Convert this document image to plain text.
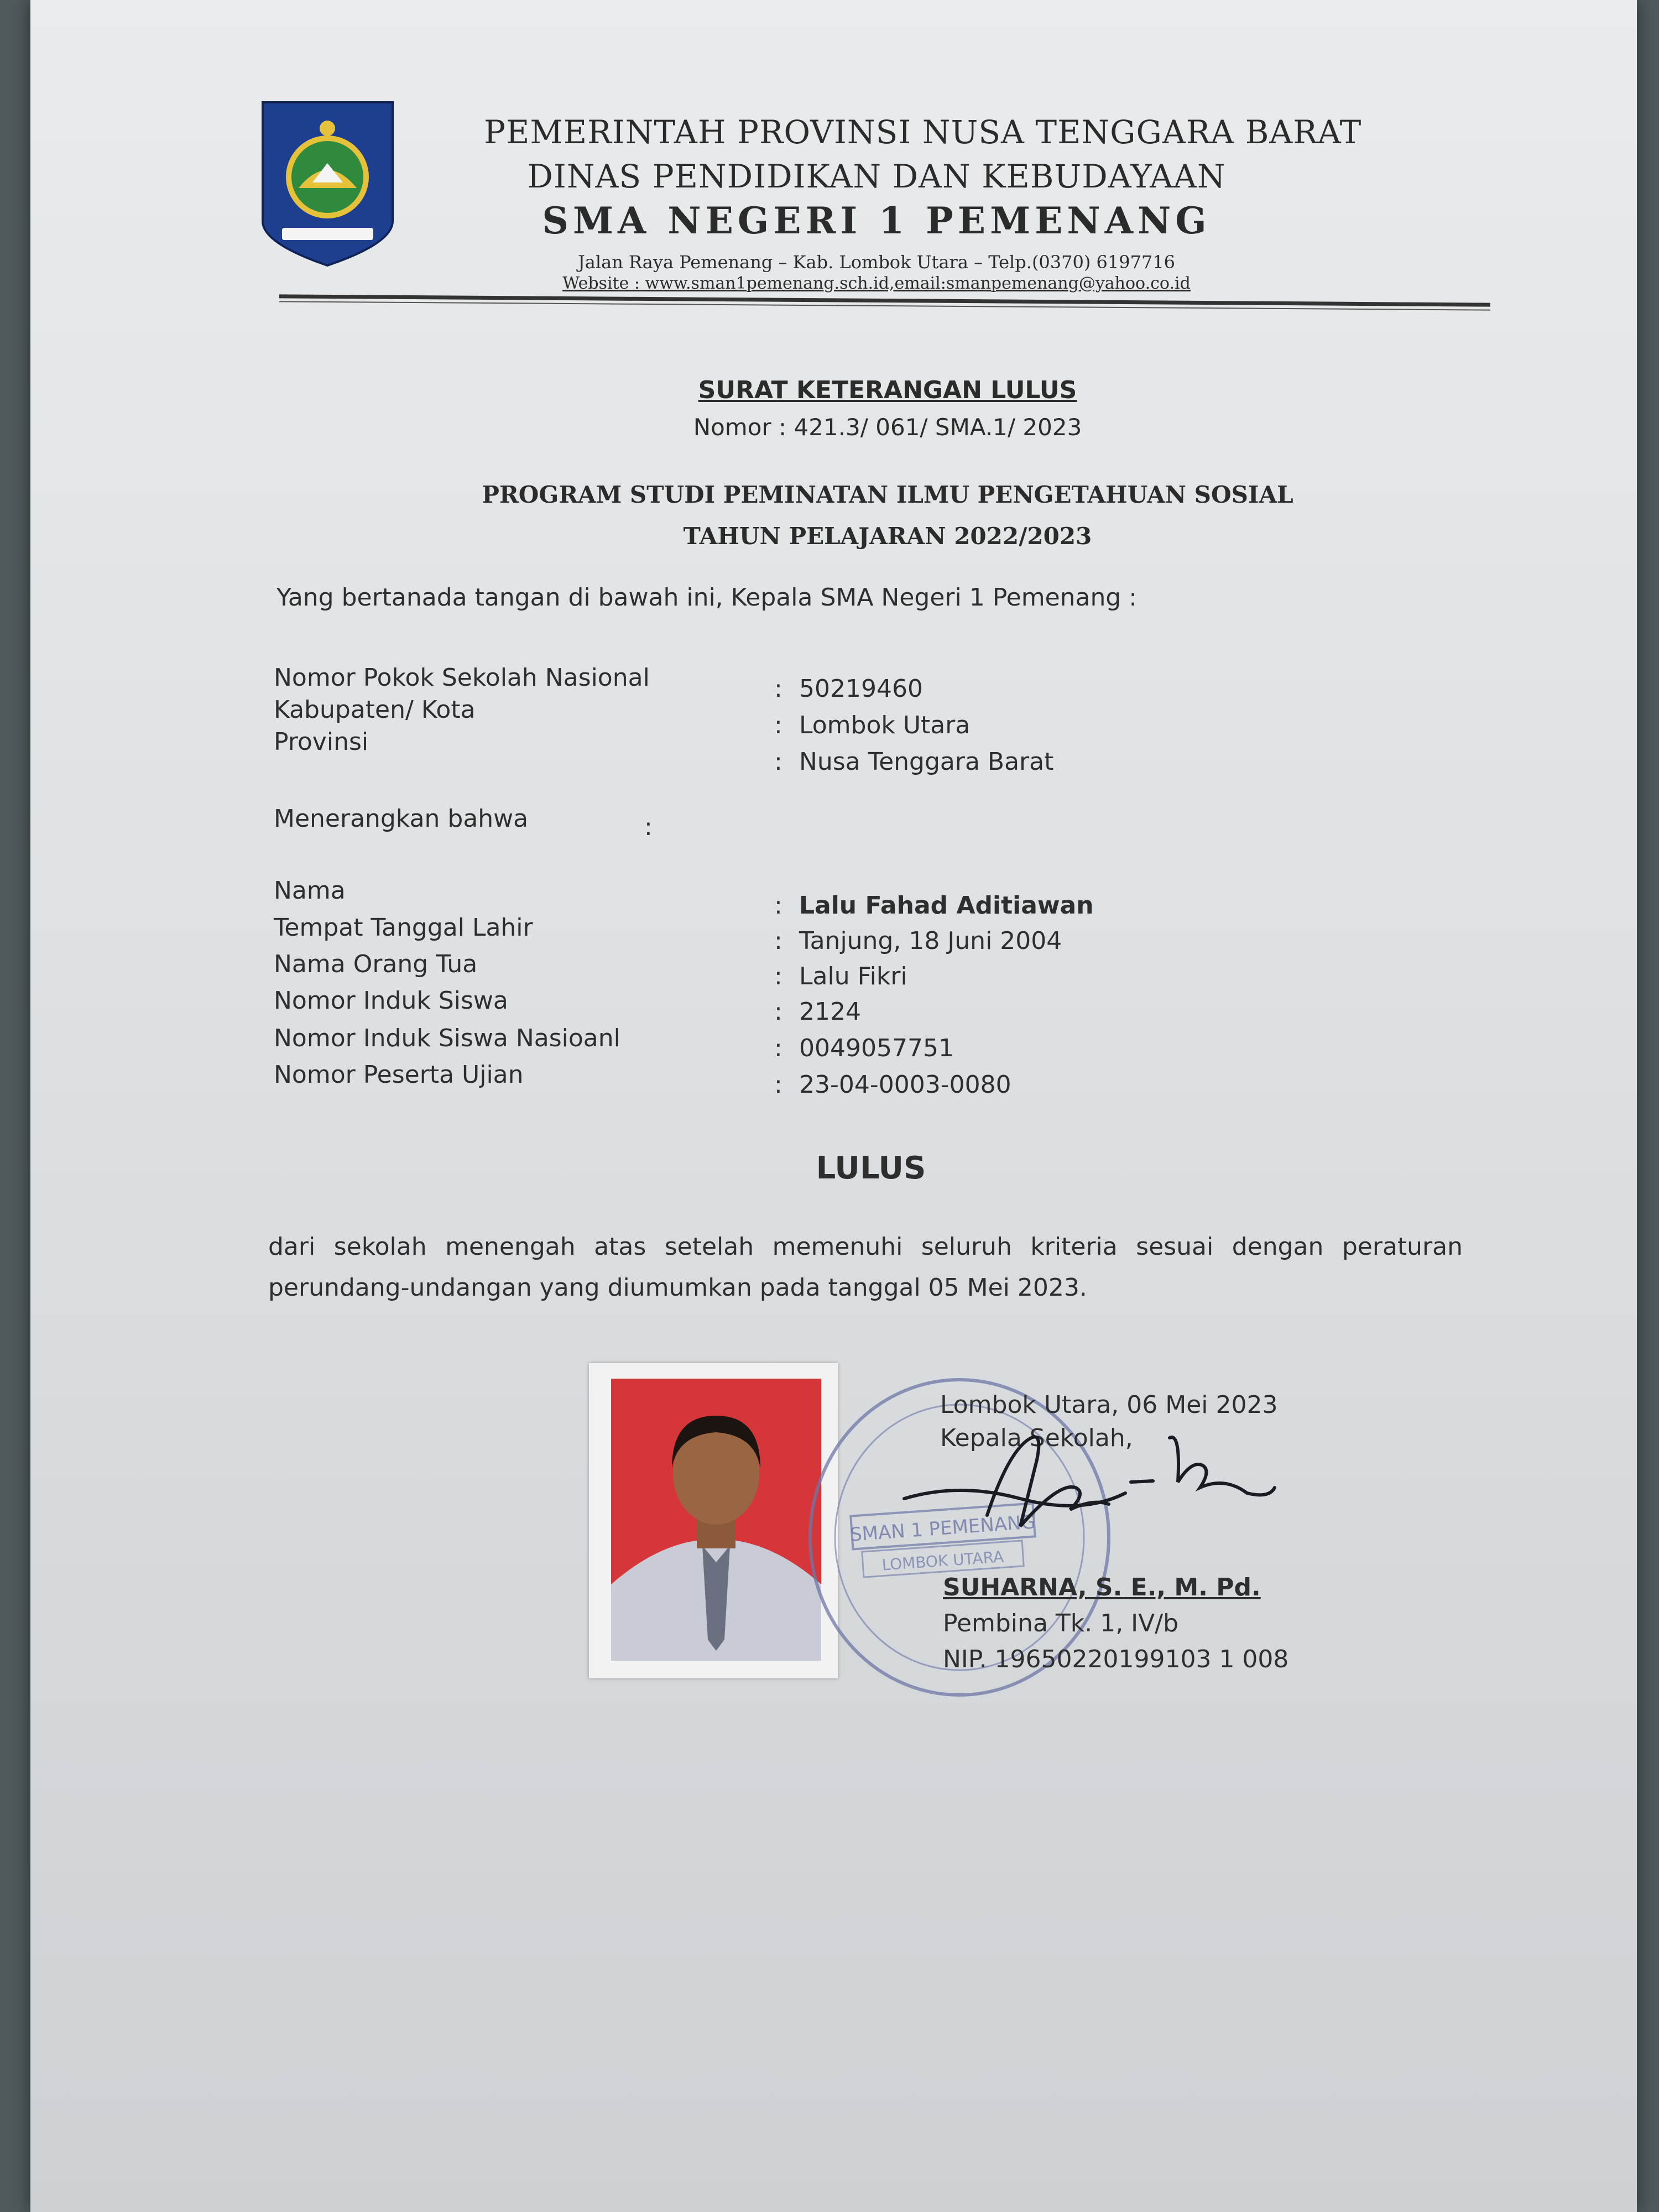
PEMERINTAH PROVINSI NUSA TENGGARA BARAT
DINAS PENDIDIKAN DAN KEBUDAYAAN
SMA NEGERI 1 PEMENANG
Jalan Raya Pemenang – Kab. Lombok Utara – Telp.(0370) 6197716
Website : www.sman1pemenang.sch.id,email:smanpemenang@yahoo.co.id
SURAT KETERANGAN LULUS
Nomor : 421.3/ 061/ SMA.1/ 2023
PROGRAM STUDI PEMINATAN ILMU PENGETAHUAN SOSIAL
TAHUN PELAJARAN 2022/2023
Yang bertanada tangan di bawah ini, Kepala SMA Negeri 1 Pemenang :
Nomor Pokok Sekolah Nasional
Kabupaten/ Kota
Provinsi
:
:
:
50219460
Lombok Utara
Nusa Tenggara Barat
Menerangkan bahwa	:
Nama
Tempat Tanggal Lahir
Nama Orang Tua
Nomor Induk Siswa
Nomor Induk Siswa Nasioanl
Nomor Peserta Ujian
:
:
:
:
:
:
Lalu Fahad Aditiawan
Tanjung, 18 Juni 2004
Lalu Fikri
2124
0049057751
23-04-0003-0080
LULUS
dari sekolah menengah atas setelah memenuhi seluruh kriteria sesuai dengan peraturan perundang-undangan yang diumumkan pada tanggal 05 Mei 2023.
SMAN 1 PEMENANG
LOMBOK UTARA
Lombok Utara, 06 Mei 2023
Kepala Sekolah,
SUHARNA, S. E., M. Pd.
Pembina Tk. 1, IV/b
NIP. 19650220199103 1 008
